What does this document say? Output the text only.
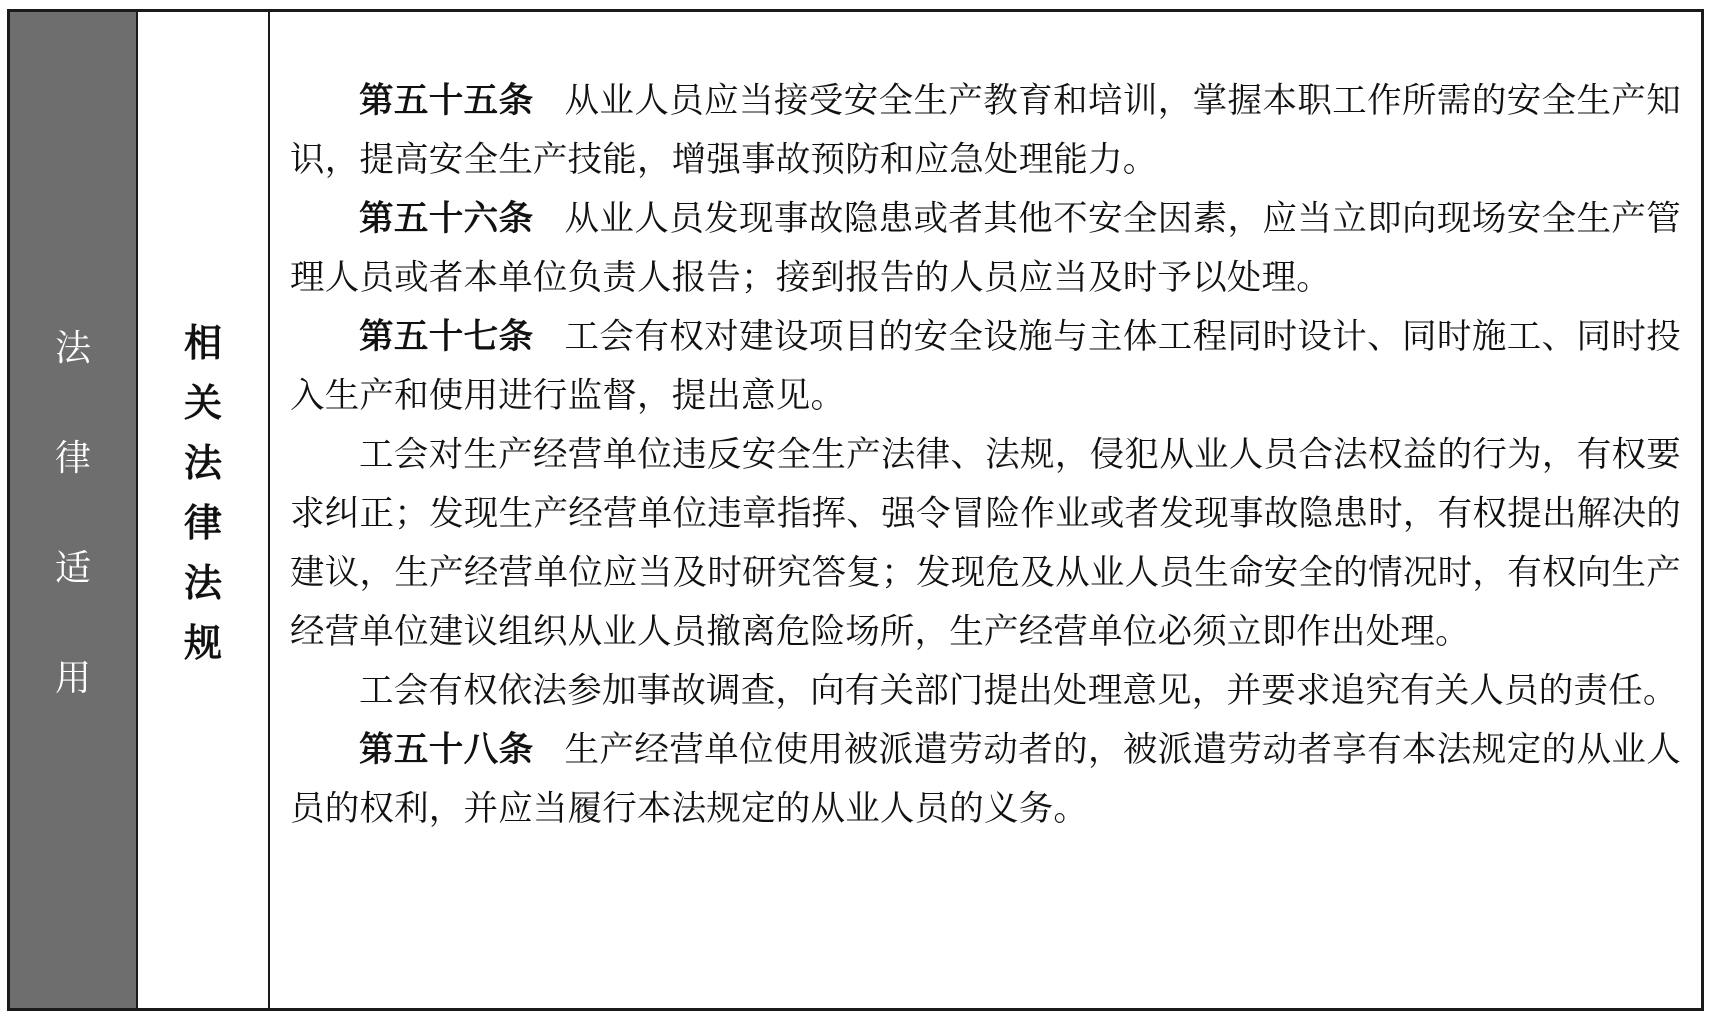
法
律
适
用
相
关
法
律
法
规

第五十五条 从业人员应当接受安全生产教育和培训，掌握本职工作所需的安全生产知识，提高安全生产技能，增强事故预防和应急处理能力。

第五十六条 从业人员发现事故隐患或者其他不安全因素，应当立即向现场安全生产管理人员或者本单位负责人报告；接到报告的人员应当及时予以处理。

第五十七条 工会有权对建设项目的安全设施与主体工程同时设计、同时施工、同时投入生产和使用进行监督，提出意见。

工会对生产经营单位违反安全生产法律、法规，侵犯从业人员合法权益的行为，有权要求纠正；发现生产经营单位违章指挥、强令冒险作业或者发现事故隐患时，有权提出解决的建议，生产经营单位应当及时研究答复；发现危及从业人员生命安全的情况时，有权向生产经营单位建议组织从业人员撤离危险场所，生产经营单位必须立即作出处理。

工会有权依法参加事故调查，向有关部门提出处理意见，并要求追究有关人员的责任。

第五十八条 生产经营单位使用被派遣劳动者的，被派遣劳动者享有本法规定的从业人员的权利，并应当履行本法规定的从业人员的义务。
